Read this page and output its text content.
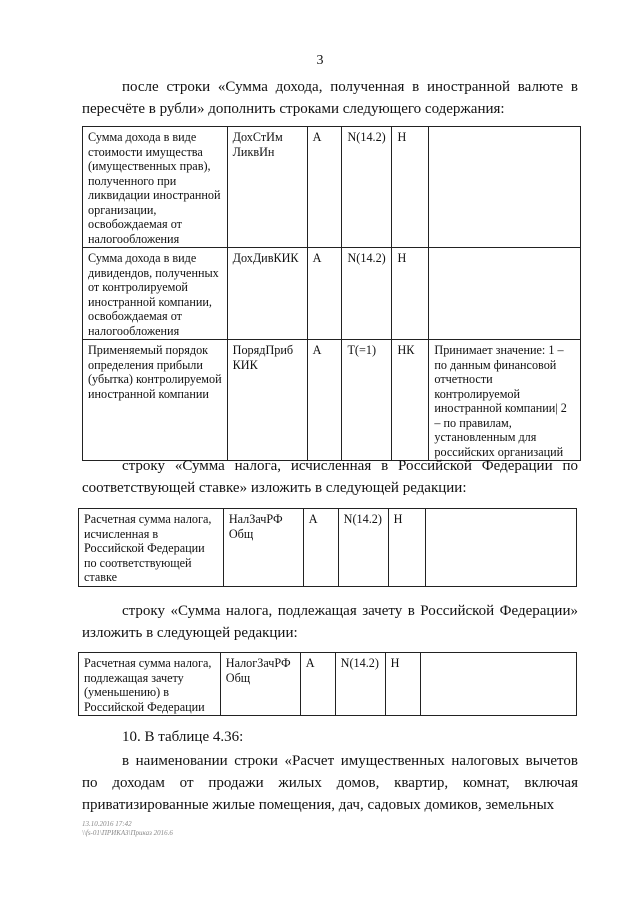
3

после строки «Сумма дохода, полученная в иностранной валюте в пересчёте в рубли» дополнить строками следующего содержания:

Сумма дохода в виде стоимости имущества (имущественных прав), полученного при ликвидации иностранной организации, освобождаемая от налогообложения	ДохСтИм ЛиквИн	А	N(14.2)	Н	
Сумма дохода в виде дивидендов, полученных от контролируемой иностранной компании, освобождаемая от налогообложения	ДохДивКИК	А	N(14.2)	Н	
Применяемый порядок определения прибыли (убытка) контролируемой иностранной компании	ПорядПриб КИК	А	T(=1)	НК	Принимает значение: 1 – по данным финансовой отчетности контролируемой иностранной компании| 2 – по правилам, установленным для российских организаций

строку «Сумма налога, исчисленная в Российской Федерации по соответствующей ставке» изложить в следующей редакции:

Расчетная сумма налога, исчисленная в Российской Федерации по соответствующей ставке	НалЗачРФ Общ	А	N(14.2)	Н	

строку «Сумма налога, подлежащая зачету в Российской Федерации» изложить в следующей редакции:

Расчетная сумма налога, подлежащая зачету (уменьшению) в Российской Федерации	НалогЗачРФ Общ	А	N(14.2)	Н	

10. В таблице 4.36:

в наименовании строки «Расчет имущественных налоговых вычетов по доходам от продажи жилых домов, квартир, комнат, включая приватизированные жилые помещения, дач, садовых домиков, земельных

13.10.2016 17:42
\\fs-01\ПРИКАЗ\Приказ 2016.6
